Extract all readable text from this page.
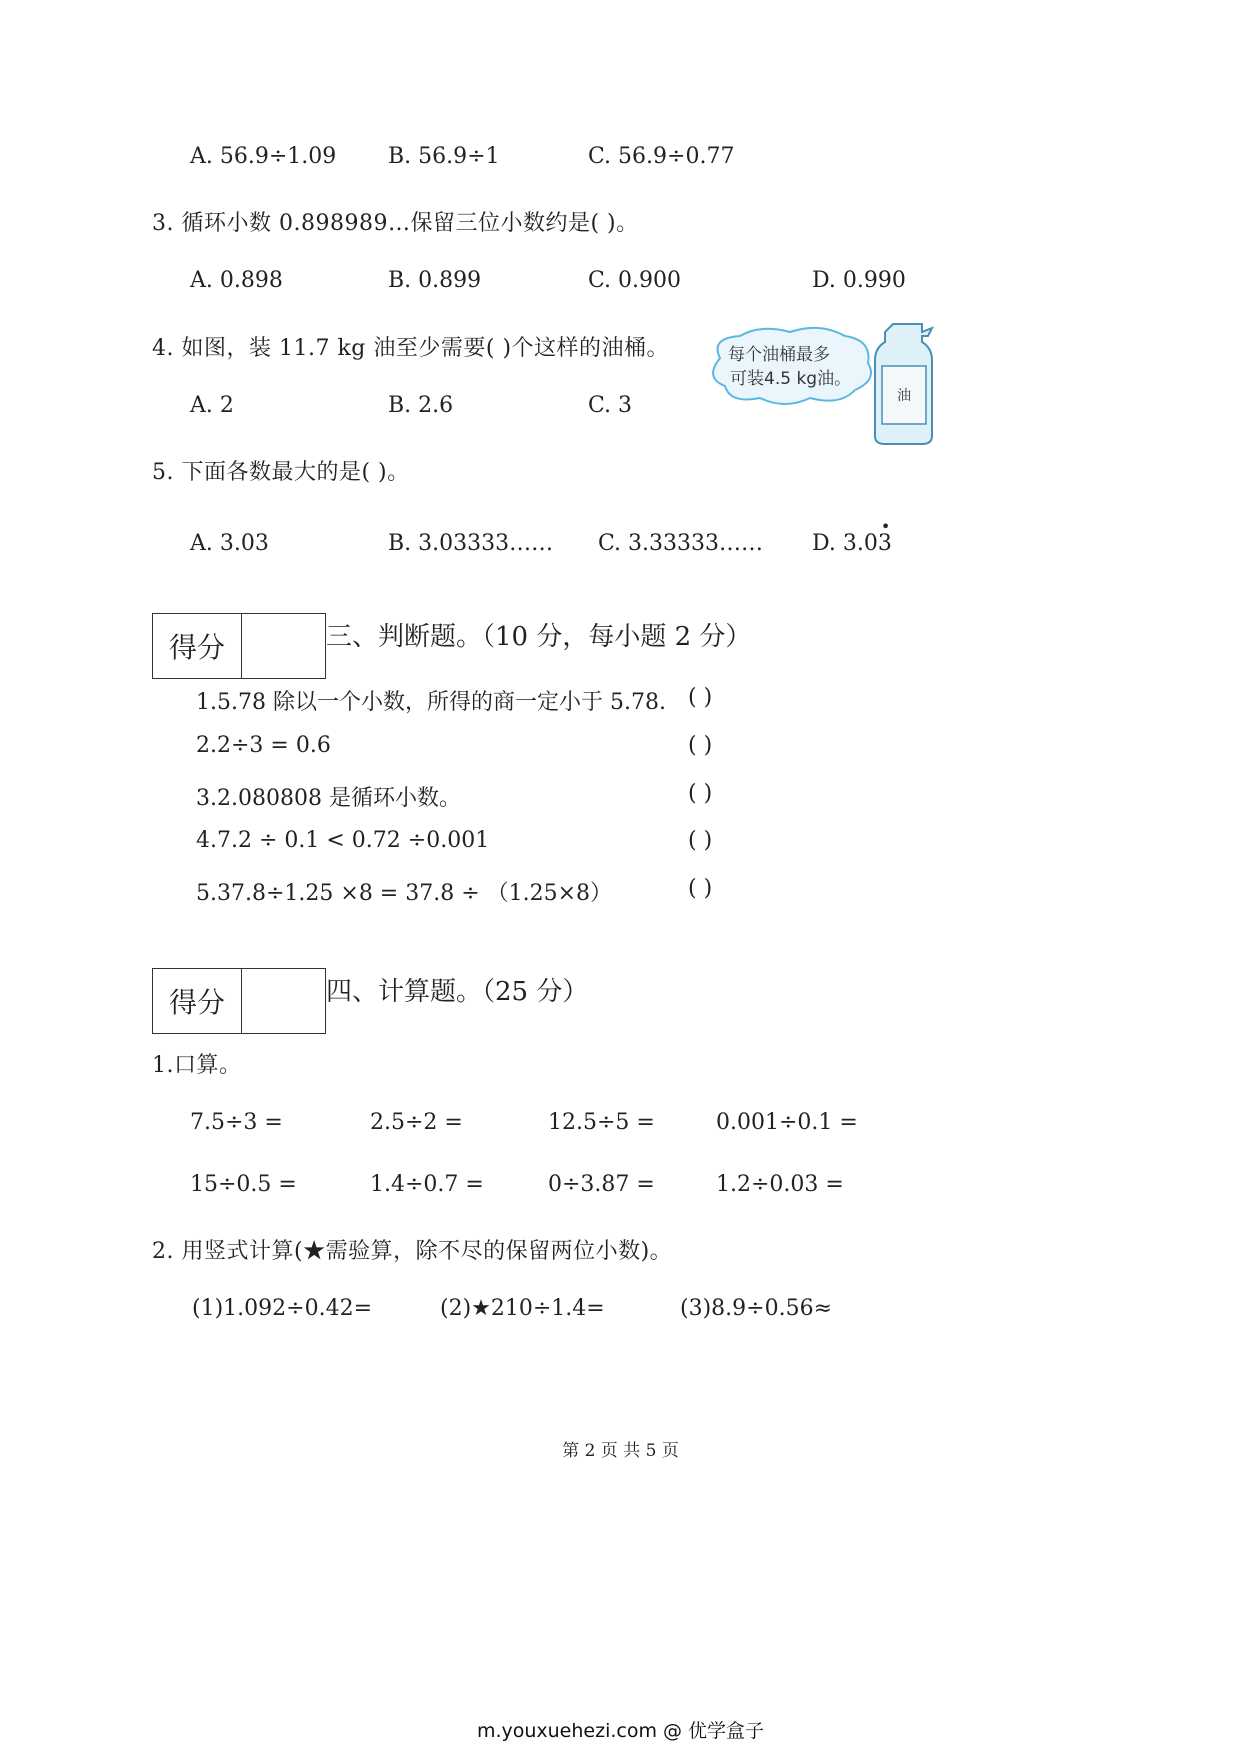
A. 56.9÷1.09 B. 56.9÷1	C. 56.9÷0.77
3. 循环小数 0.898989…保留三位小数约是( )。
A. 0.898	B. 0.899	C. 0.900	D. 0.990
4. 如图，装 11.7 kg 油至少需要( )个这样的油桶。
A. 2	B. 2.6	C. 3
每个油桶最多
可装4.5 kg油。
油
5. 下面各数最大的是( )。
A. 3.03	B. 3.03333…… C. 3.33333…… D. 3.0
•
3
得分	三、判断题。（10 分，每小题 2 分）
1.5.78 除以一个小数，所得的商一定小于 5.78. ( )
2.2÷3 = 0.6	( )
3.2.080808 是循环小数。	( )
4.7.2 ÷ 0.1 < 0.72 ÷0.001	( )
5.37.8÷1.25 ×8 = 37.8 ÷ （1.25×8）	( )
得分	四、计算题。（25 分）
1.口算。
7.5÷3 =	2.5÷2 =	12.5÷5 =	0.001÷0.1 =
15÷0.5 =	1.4÷0.7 =	0÷3.87 =	1.2÷0.03 =
2. 用竖式计算(★需验算，除不尽的保留两位小数)。
(1)1.092÷0.42=	(2)★210÷1.4=	(3)8.9÷0.56≈
第 2 页 共 5 页
m.youxuehezi.com @ 优学盒子
